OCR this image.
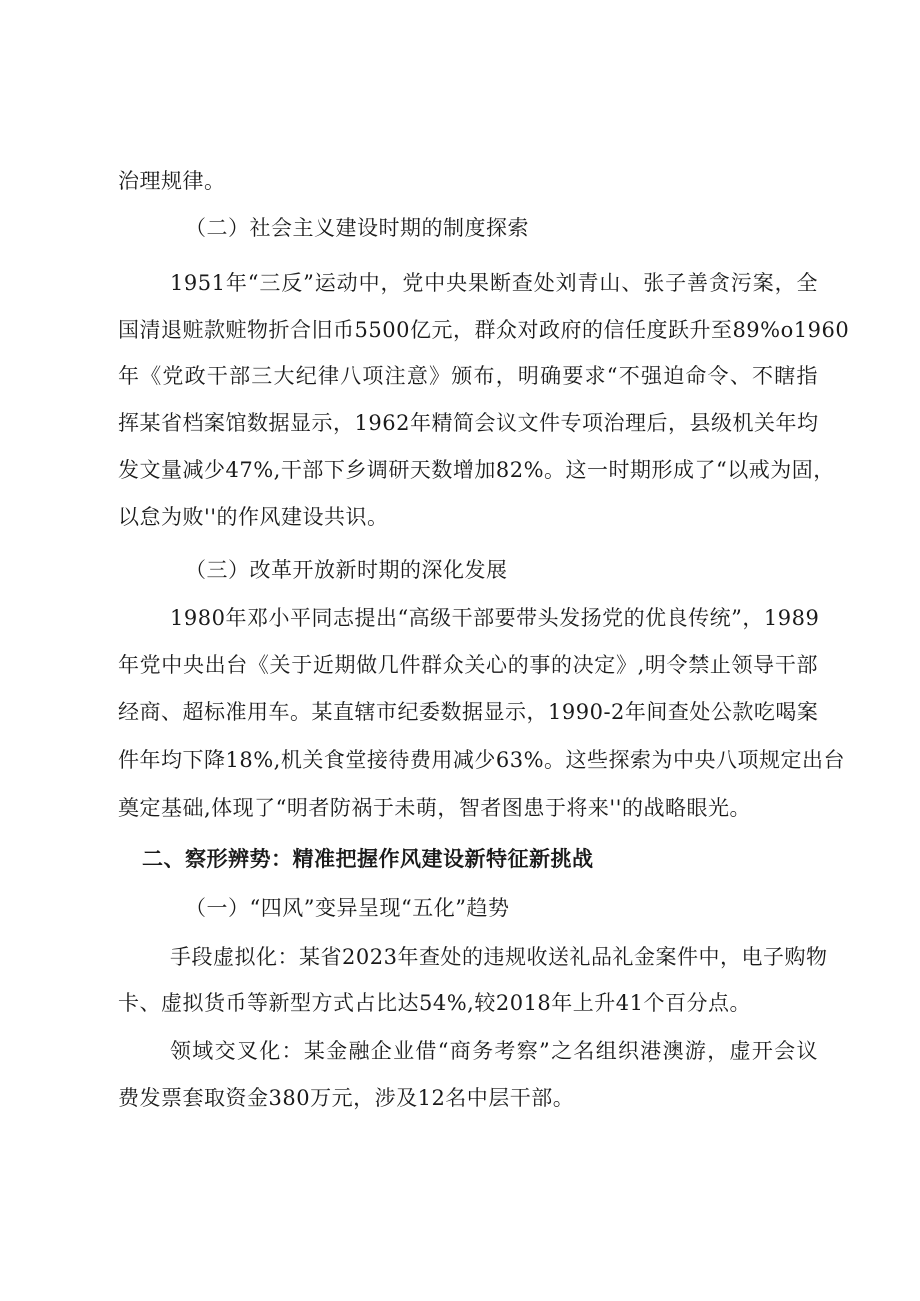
治理规律。
（二）社会主义建设时期的制度探索
1951年“三反”运动中，党中央果断查处刘青山、张子善贪污案，全
国清退赃款赃物折合旧币5500亿元，群众对政府的信任度跃升至89%o1960
年《党政干部三大纪律八项注意》颁布，明确要求“不强迫命令、不瞎指
挥某省档案馆数据显示，1962年精简会议文件专项治理后，县级机关年均
发文量减少47%,干部下乡调研天数增加82%。这一时期形成了“以戒为固，
以怠为败''的作风建设共识。
（三）改革开放新时期的深化发展
1980年邓小平同志提出“高级干部要带头发扬党的优良传统”，1989
年党中央出台《关于近期做几件群众关心的事的决定》,明令禁止领导干部
经商、超标准用车。某直辖市纪委数据显示，1990-2年间查处公款吃喝案
件年均下降18%,机关食堂接待费用减少63%。这些探索为中央八项规定出台
奠定基础,体现了“明者防祸于未萌，智者图患于将来''的战略眼光。
二、察形辨势：精准把握作风建设新特征新挑战
（一）“四风”变异呈现“五化”趋势
手段虚拟化：某省2023年查处的违规收送礼品礼金案件中，电子购物
卡、虚拟货币等新型方式占比达54%,较2018年上升41个百分点。
领域交叉化：某金融企业借“商务考察”之名组织港澳游，虚开会议
费发票套取资金380万元，涉及12名中层干部。
